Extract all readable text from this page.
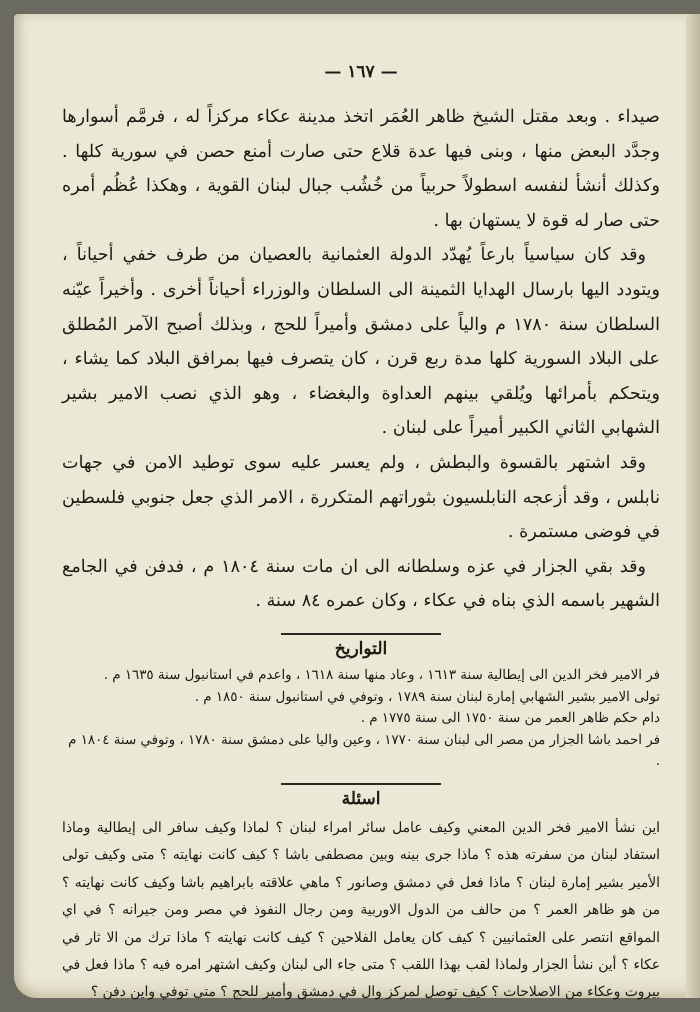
— ١٦٧ —

صيداء . وبعد مقتل الشيخ ظاهر العُمَر اتخذ مدينة عكاء مركزاً له ، فرمَّم أسوارها وجدَّد البعض منها ، وبنى فيها عدة قلاع حتى صارت أمنع حصن في سورية كلها . وكذلك أنشأ لنفسه اسطولاً حربياً من خُشُب جبال لبنان القوية ، وهكذا عُظُم أمره حتى صار له قوة لا يستهان بها .

وقد كان سياسياً بارعاً يُهدّد الدولة العثمانية بالعصيان من طرف خفي أحياناً ، ويتودد اليها بارسال الهدايا الثمينة الى السلطان والوزراء أحياناً أخرى . وأخيراً عيّنه السلطان سنة ١٧٨٠ م والياً على دمشق وأميراً للحج ، وبذلك أصبح الآمر المُطلق على البلاد السورية كلها مدة ربع قرن ، كان يتصرف فيها بمرافق البلاد كما يشاء ، ويتحكم بأمرائها ويُلقي بينهم العداوة والبغضاء ، وهو الذي نصب الامير بشير الشهابي الثاني الكبير أميراً على لبنان .

وقد اشتهر بالقسوة والبطش ، ولم يعسر عليه سوى توطيد الامن في جهات نابلس ، وقد أزعجه النابلسيون بثوراتهم المتكررة ، الامر الذي جعل جنوبي فلسطين في فوضى مستمرة .

وقد بقي الجزار في عزه وسلطانه الى ان مات سنة ١٨٠٤ م ، فدفن في الجامع الشهير باسمه الذي بناه في عكاء ، وكان عمره ٨٤ سنة .

التواريخ
فر الامير فخر الدين الى إيطالية سنة ١٦١٣ ، وعاد منها سنة ١٦١٨ ، واعدم في استانبول سنة ١٦٣٥ م .
تولى الامير بشير الشهابي إمارة لبنان سنة ١٧٨٩ ، وتوفي في استانبول سنة ١٨٥٠ م .
دام حكم ظاهر العمر من سنة ١٧٥٠ الى سنة ١٧٧٥ م .
فر احمد باشا الجزار من مصر الى لبنان سنة ١٧٧٠ ، وعين واليا على دمشق سنة ١٧٨٠ ، وتوفي سنة ١٨٠٤ م .
اسئلة

اين نشأ الامير فخر الدين المعني وكيف عامل سائر امراء لبنان ؟ لماذا وكيف سافر الى إيطالية وماذا استفاد لبنان من سفرته هذه ؟ ماذا جرى بينه وبين مصطفى باشا ؟ كيف كانت نهايته ؟ متى وكيف تولى الأمير بشير إمارة لبنان ؟ ماذا فعل في دمشق وصانور ؟ ماهي علاقته بابراهيم باشا وكيف كانت نهايته ؟ من هو ظاهر العمر ؟ من حالف من الدول الاوربية ومن رجال النفوذ في مصر ومن جيرانه ؟ في اي المواقع انتصر على العثمانيين ؟ كيف كان يعامل الفلاحين ؟ كيف كانت نهايته ؟ ماذا ترك من الا ثار في عكاء ؟ أين نشأ الجزار ولماذا لقب بهذا اللقب ؟ متى جاء الى لبنان وكيف اشتهر امره فيه ؟ ماذا فعل في بيروت وعكاء من الاصلاحات ؟ كيف توصل لمركز وال في دمشق وأمير للحج ؟ متى توفي واين دفن ؟
